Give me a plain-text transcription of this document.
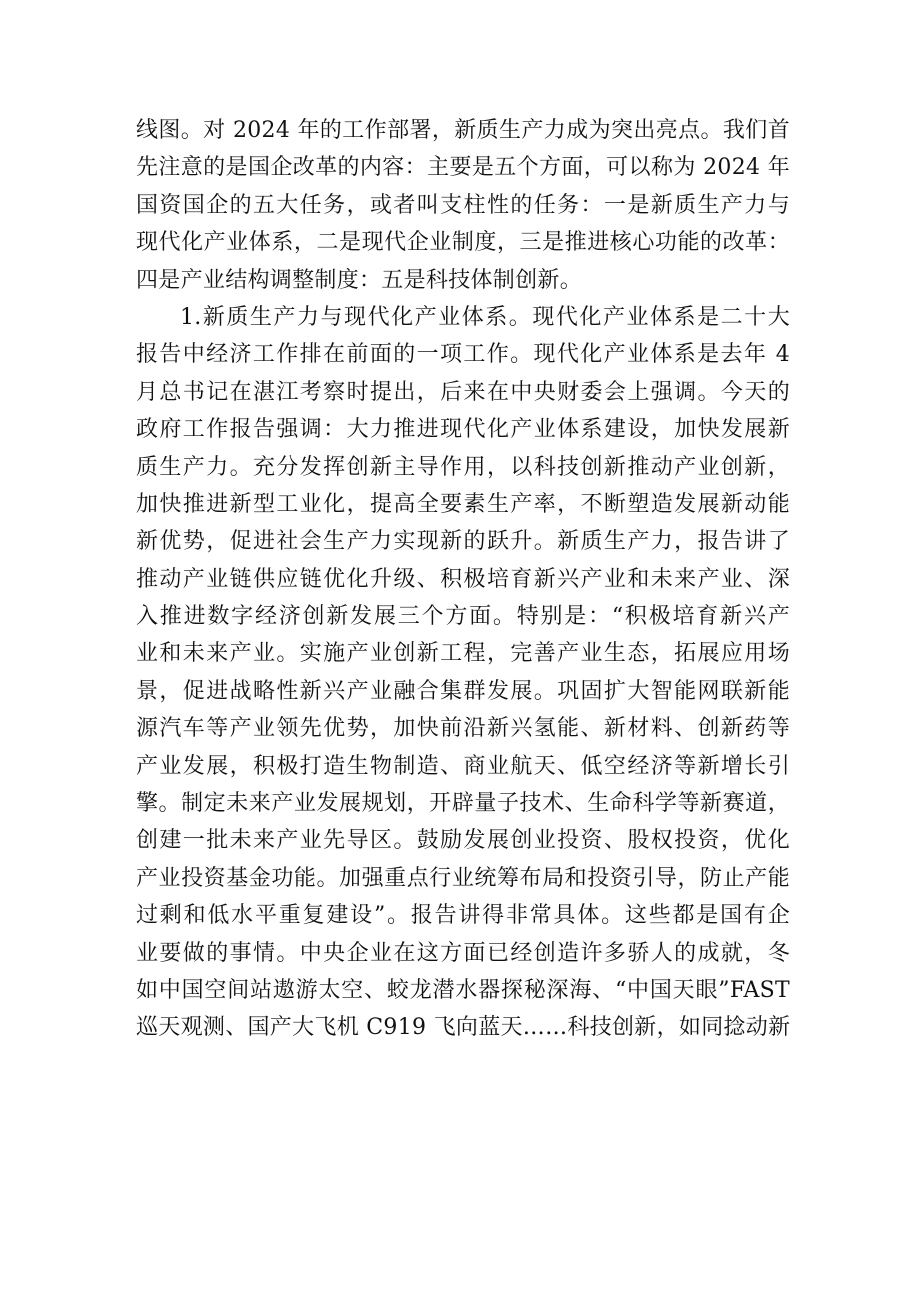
线图。对 2024 年的工作部署，新质生产力成为突出亮点。我们首
先注意的是国企改革的内容：主要是五个方面，可以称为 2024 年
国资国企的五大任务，或者叫支柱性的任务：一是新质生产力与
现代化产业体系，二是现代企业制度，三是推进核心功能的改革：
四是产业结构调整制度：五是科技体制创新。
1.新质生产力与现代化产业体系。现代化产业体系是二十大
报告中经济工作排在前面的一项工作。现代化产业体系是去年 4
月总书记在湛江考察时提出，后来在中央财委会上强调。今天的
政府工作报告强调：大力推进现代化产业体系建设，加快发展新
质生产力。充分发挥创新主导作用，以科技创新推动产业创新，
加快推进新型工业化，提高全要素生产率，不断塑造发展新动能
新优势，促进社会生产力实现新的跃升。新质生产力，报告讲了
推动产业链供应链优化升级、积极培育新兴产业和未来产业、深
入推进数字经济创新发展三个方面。特别是：“积极培育新兴产
业和未来产业。实施产业创新工程，完善产业生态，拓展应用场
景，促进战略性新兴产业融合集群发展。巩固扩大智能网联新能
源汽车等产业领先优势，加快前沿新兴氢能、新材料、创新药等
产业发展，积极打造生物制造、商业航天、低空经济等新增长引
擎。制定未来产业发展规划，开辟量子技术、生命科学等新赛道，
创建一批未来产业先导区。鼓励发展创业投资、股权投资，优化
产业投资基金功能。加强重点行业统筹布局和投资引导，防止产能
过剩和低水平重复建设”。报告讲得非常具体。这些都是国有企
业要做的事情。中央企业在这方面已经创造许多骄人的成就，冬
如中国空间站遨游太空、蛟龙潜水器探秘深海、“中国天眼”FAST
巡天观测、国产大飞机 C919 飞向蓝天……科技创新，如同捻动新
